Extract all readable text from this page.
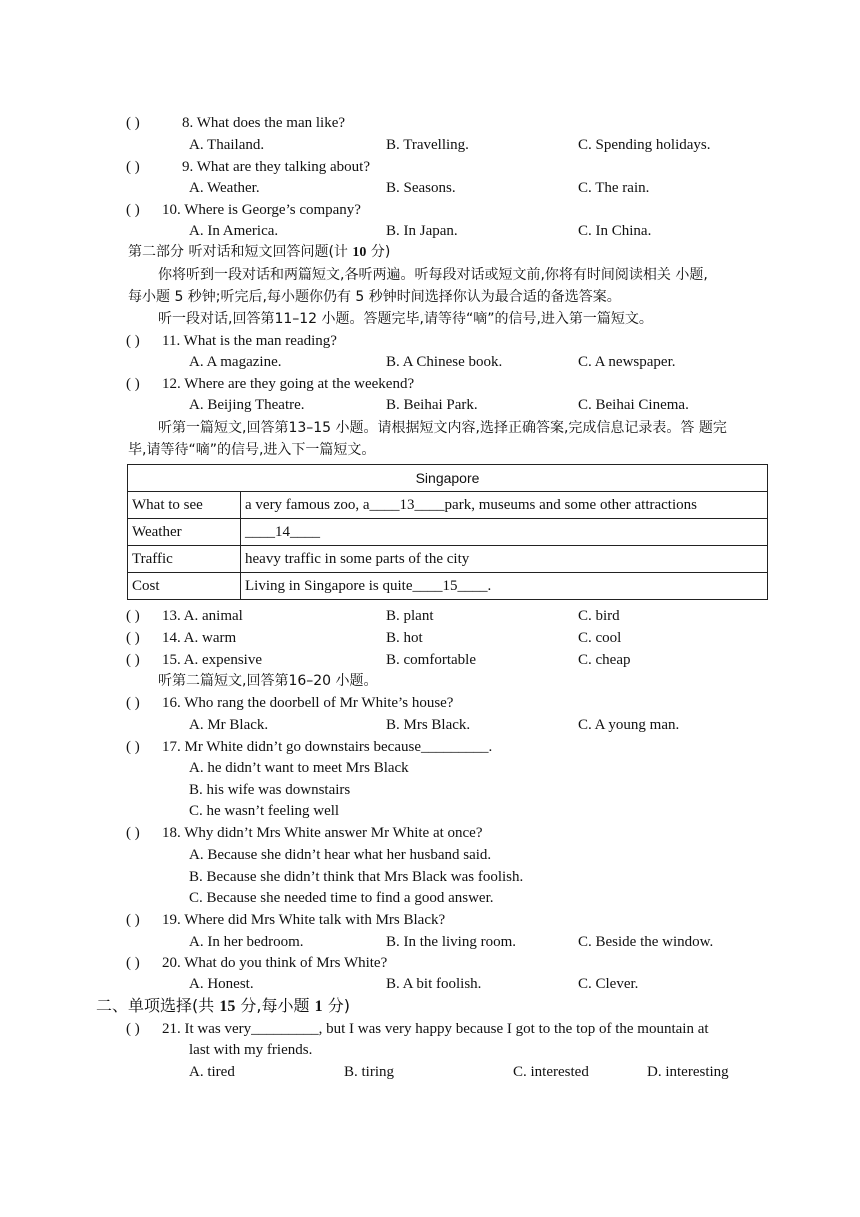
( )	8. What does the man like?
A. Thailand.	B. Travelling.	C. Spending holidays.
( )	9. What are they talking about?
A. Weather.	B. Seasons.	C. The rain.
( ) 10. Where is George’s company?
A. In America.	B. In Japan.	C. In China.
第二部分 听对话和短文回答问题(计 10 分)
你将听到一段对话和两篇短文,各听两遍。听每段对话或短文前,你将有时间阅读相关 小题,
每小题 5 秒钟;听完后,每小题你仍有 5 秒钟时间选择你认为最合适的备选答案。
听一段对话,回答第11–12 小题。答题完毕,请等待“嘀”的信号,进入第一篇短文。
( ) 11. What is the man reading?
A. A magazine.	B. A Chinese book.	C. A newspaper.
( ) 12. Where are they going at the weekend?
A. Beijing Theatre.	B. Beihai Park.	C. Beihai Cinema.
听第一篇短文,回答第13–15 小题。请根据短文内容,选择正确答案,完成信息记录表。答 题完
毕,请等待“嘀”的信号,进入下一篇短文。
Singapore	
What to see	a very famous zoo, a____13____park, museums and some other attractions
Weather	____14____
Traffic	heavy traffic in some parts of the city
Cost	Living in Singapore is quite____15____.
( ) 13. A. animal	B. plant	C. bird
( ) 14. A. warm	B. hot	C. cool
( ) 15. A. expensive	B. comfortable	C. cheap
听第二篇短文,回答第16–20 小题。
( ) 16. Who rang the doorbell of Mr White’s house?
A. Mr Black.	B. Mrs Black.	C. A young man.
( ) 17. Mr White didn’t go downstairs because_________.
A. he didn’t want to meet Mrs Black
B. his wife was downstairs
C. he wasn’t feeling well
( ) 18. Why didn’t Mrs White answer Mr White at once?
A. Because she didn’t hear what her husband said.
B. Because she didn’t think that Mrs Black was foolish.
C. Because she needed time to find a good answer.
( ) 19. Where did Mrs White talk with Mrs Black?
A. In her bedroom.	B. In the living room.	C. Beside the window.
( ) 20. What do you think of Mrs White?
A. Honest.	B. A bit foolish.	C. Clever.
二、单项选择(共 15 分,每小题 1 分)
( ) 21. It was very_________, but I was very happy because I got to the top of the mountain at
last with my friends.
A. tired	B. tiring	C. interested	D. interesting
